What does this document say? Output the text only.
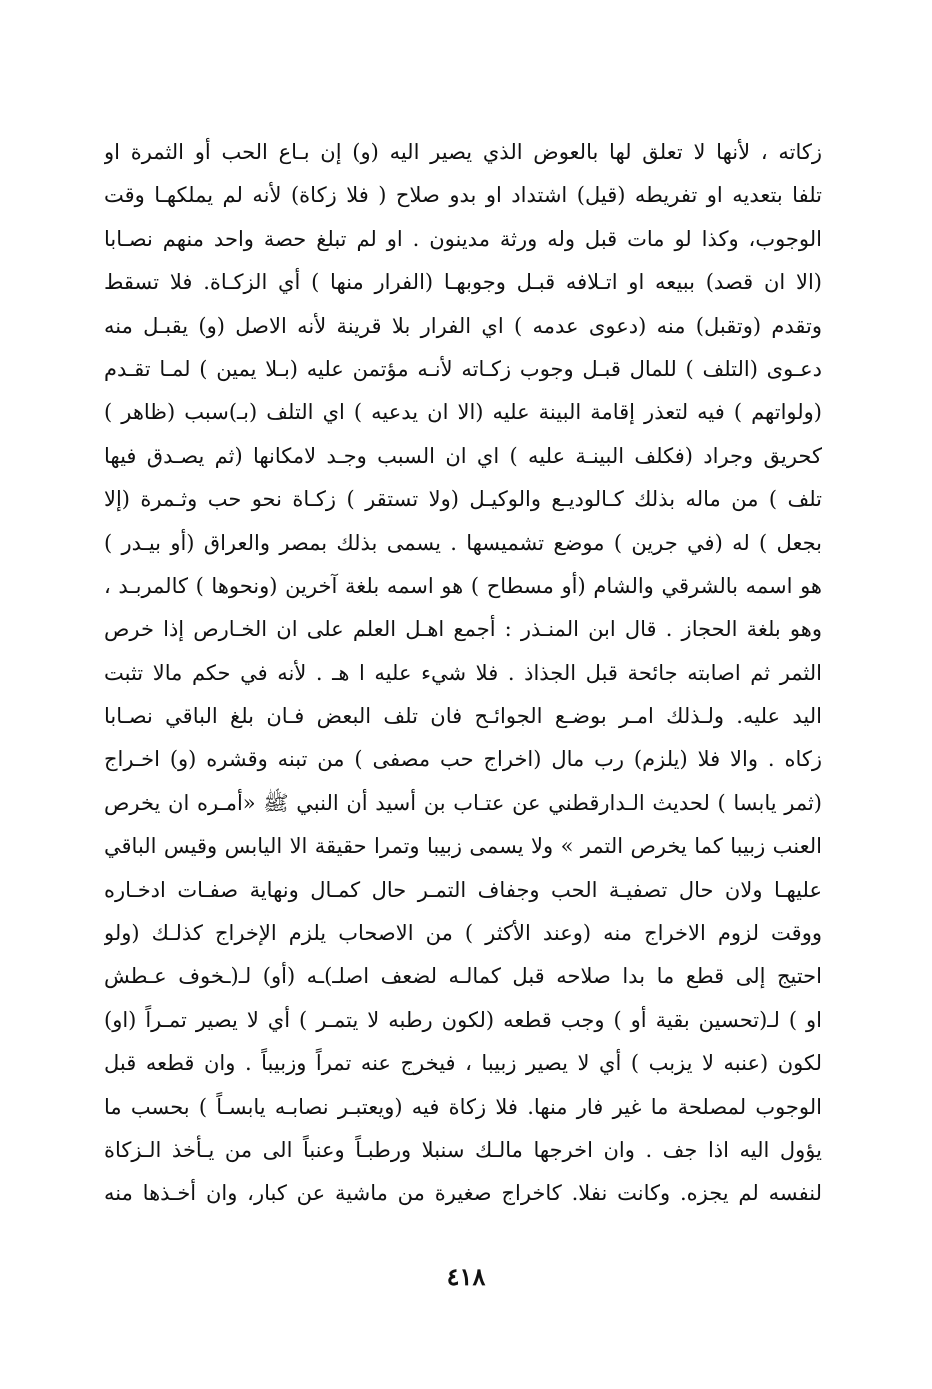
زكاته ، لأنها لا تعلق لها بالعوض الذي يصير اليه (و) إن بـاع الحب أو الثمرة او
تلفا بتعديه او تفريطه (قيل) اشتداد او بدو صلاح ( فلا زكاة) لأنه لم يملكهـا وقت
الوجوب، وكذا لو مات قبل وله ورثة مدينون . او لم تبلغ حصة واحد منهم نصـابا
(الا ان قصد) ببيعه او اتـلافه قبـل وجوبهـا (الفرار منها ) أي الزكـاة. فلا تسقط
وتقدم (وتقبل) منه (دعوى عدمه ) اي الفرار بلا قرينة لأنه الاصل (و) يقبـل منه
دعـوى (التلف ) للمال قبـل وجوب زكـاته لأنـه مؤتمن عليه (بـلا يمين ) لمـا تقـدم
(ولواتهم ) فيه لتعذر إقامة البينة عليه (الا ان يدعيه ) اي التلف (بـ)سبب (ظاهر )
كحريق وجراد (فكلف البينـة عليه ) اي ان السبب وجـد لامكانها (ثم يصـدق فيها
تلف ) من ماله بذلك كـالوديـع والوكيـل (ولا تستقر ) زكـاة نحو حب وثـمرة (إلا
بجعل ) له (في جرين ) موضع تشميسها . يسمى بذلك بمصر والعراق (أو بيـدر )
هو اسمه بالشرقي والشام (أو مسطاح ) هو اسمه بلغة آخرين (ونحوها ) كالمربـد ،
وهو بلغة الحجاز . قال ابن المنـذر : أجمع اهـل العلم على ان الخـارص إذا خرص
الثمر ثم اصابته جائحة قبل الجذاذ . فلا شيء عليه ا هـ . لأنه في حكم مالا تثبت
اليد عليه. ولـذلك امـر بوضـع الجوائـح فان تلف البعض فـان بلغ الباقي نصـابا
زكاه . والا فلا (يلزم) رب مال (اخراج حب مصفى ) من تبنه وقشره (و) اخـراج
(ثمر يابسا ) لحديث الـدارقطني عن عتـاب بن أسيد أن النبي ﷺ «أمـره ان يخرص
العنب زبيبا كما يخرص التمر » ولا يسمى زبيبا وتمرا حقيقة الا اليابس وقيس الباقي
عليهـا ولان حال تصفيـة الحب وجفاف التمـر حال كمـال ونهاية صفـات ادخـاره
ووقت لزوم الاخراج منه (وعند الأكثر ) من الاصحاب يلزم الإخراج كذلـك (ولو
احتيج إلى قطع ما بدا صلاحه قبل كمالـه لضعف اصلـ)ـه (أو) لـ(ـخوف عـطش
او ) لـ(تحسين بقية أو ) وجب قطعه (لكون رطبه لا يتمـر ) أي لا يصير تمـراً (او)
لكون (عنبه لا يزبب ) أي لا يصير زبيبا ، فيخرج عنه تمراً وزبيباً . وان قطعه قبل
الوجوب لمصلحة ما غير فار منها. فلا زكاة فيه (ويعتبـر نصابـه يابسـاً ) بحسب ما
يؤول اليه اذا جف . وان اخرجها مالـك سنبلا ورطبـاً وعنباً الى من يـأخذ الـزكاة
لنفسه لم يجزه. وكانت نفلا. كاخراج صغيرة من ماشية عن كبار، وان أخـذها منه
٤١٨
